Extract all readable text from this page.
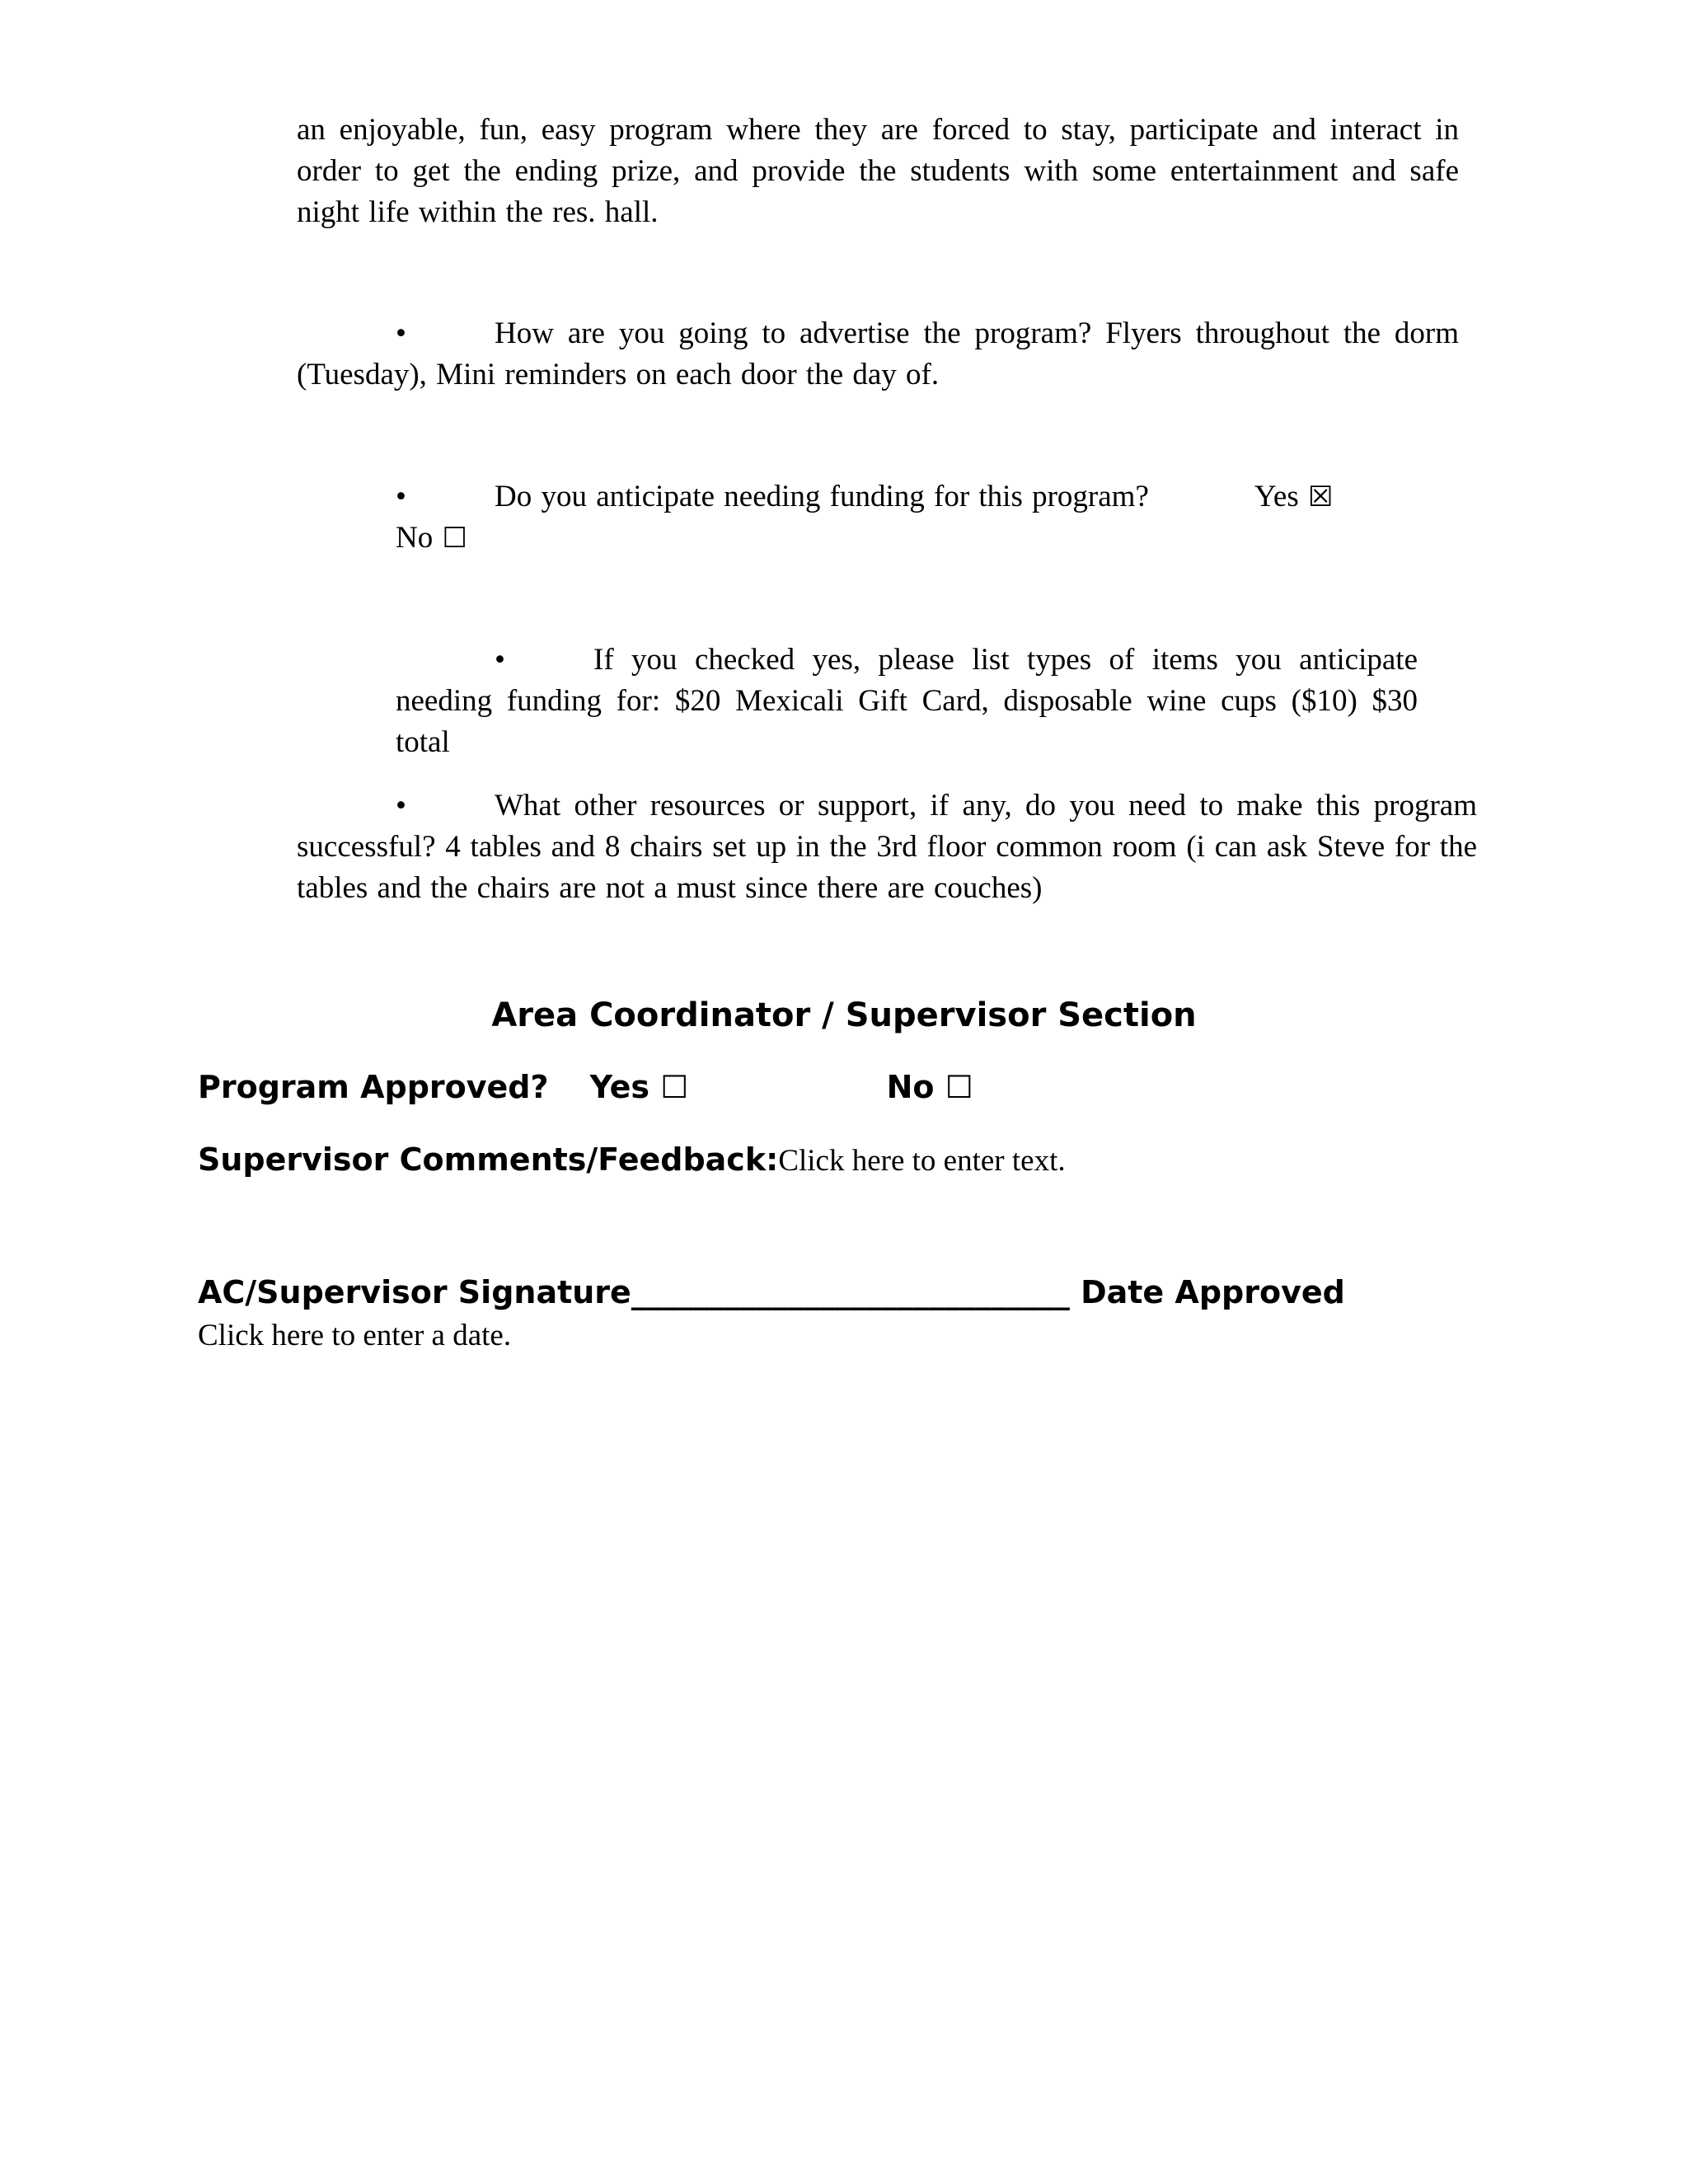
an enjoyable, fun, easy program where they are forced to stay, participate and interact in order to get the ending prize, and provide the students with some entertainment and safe night life within the res. hall.
•	How are you going to advertise the program? Flyers throughout the dorm (Tuesday), Mini reminders on each door the day of.
•	Do you anticipate needing funding for this program?	Yes ☒
No ☐
•	If you checked yes, please list types of items you anticipate needing funding for: $20 Mexicali Gift Card, disposable wine cups ($10) $30 total
•	What other resources or support, if any, do you need to make this program successful? 4 tables and 8 chairs set up in the 3rd floor common room (i can ask Steve for the tables and the chairs are not a must since there are couches)
Area Coordinator / Supervisor Section
Program Approved? Yes ☐	No ☐
Supervisor Comments/Feedback:Click here to enter text.
AC/Supervisor Signature____________________________ Date Approved
Click here to enter a date.
